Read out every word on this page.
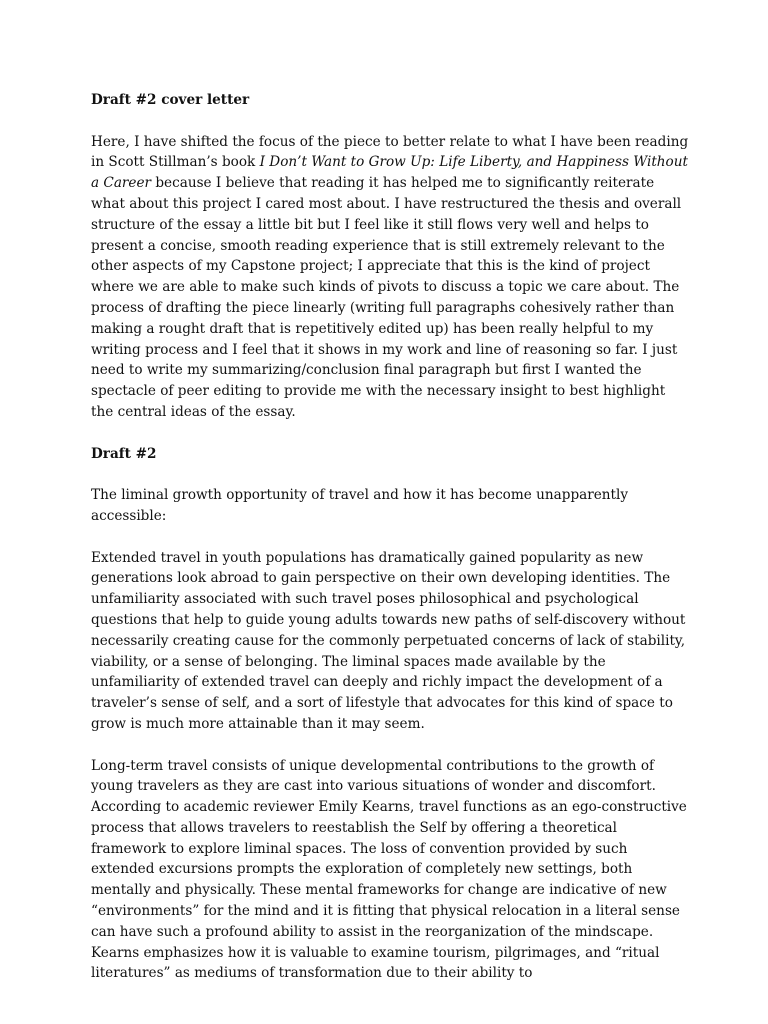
Draft #2 cover letter

Here, I have shifted the focus of the piece to better relate to what I have been reading in Scott Stillman’s book I Don’t Want to Grow Up: Life Liberty, and Happiness Without a Career because I believe that reading it has helped me to significantly reiterate what about this project I cared most about. I have restructured the thesis and overall structure of the essay a little bit but I feel like it still flows very well and helps to present a concise, smooth reading experience that is still extremely relevant to the other aspects of my Capstone project; I appreciate that this is the kind of project where we are able to make such kinds of pivots to discuss a topic we care about. The process of drafting the piece linearly (writing full paragraphs cohesively rather than making a rought draft that is repetitively edited up) has been really helpful to my writing process and I feel that it shows in my work and line of reasoning so far. I just need to write my summarizing/conclusion final paragraph but first I wanted the spectacle of peer editing to provide me with the necessary insight to best highlight the central ideas of the essay.

Draft #2

The liminal growth opportunity of travel and how it has become unapparently accessible:

Extended travel in youth populations has dramatically gained popularity as new generations look abroad to gain perspective on their own developing identities. The unfamiliarity associated with such travel poses philosophical and psychological questions that help to guide young adults towards new paths of self-discovery without necessarily creating cause for the commonly perpetuated concerns of lack of stability, viability, or a sense of belonging. The liminal spaces made available by the unfamiliarity of extended travel can deeply and richly impact the development of a traveler’s sense of self, and a sort of lifestyle that advocates for this kind of space to grow is much more attainable than it may seem.

Long-term travel consists of unique developmental contributions to the growth of young travelers as they are cast into various situations of wonder and discomfort. According to academic reviewer Emily Kearns, travel functions as an ego-constructive process that allows travelers to reestablish the Self by offering a theoretical framework to explore liminal spaces. The loss of convention provided by such extended excursions prompts the exploration of completely new settings, both mentally and physically. These mental frameworks for change are indicative of new “environments” for the mind and it is fitting that physical relocation in a literal sense can have such a profound ability to assist in the reorganization of the mindscape. Kearns emphasizes how it is valuable to examine tourism, pilgrimages, and “ritual literatures” as mediums of transformation due to their ability to
